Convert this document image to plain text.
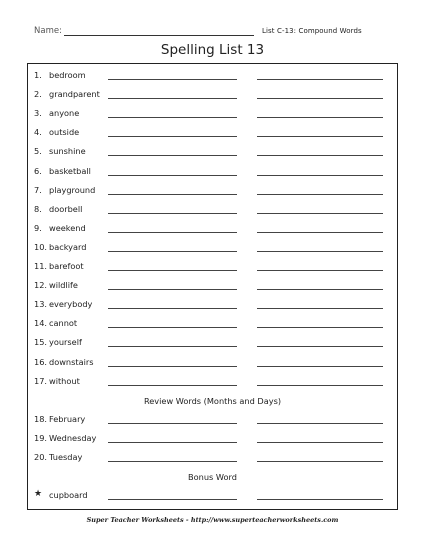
Name:	List C-13: Compound Words
Spelling List 13
1. bedroom
2. grandparent
3. anyone
4. outside
5. sunshine
6. basketball
7. playground
8. doorbell
9. weekend
10. backyard
11. barefoot
12. wildlife
13. everybody
14. cannot
15. yourself
16. downstairs
17. without
Review Words (Months and Days)
18. February
19. Wednesday
20. Tuesday
Bonus Word
★ cupboard
Super Teacher Worksheets - http://www.superteacherworksheets.com
